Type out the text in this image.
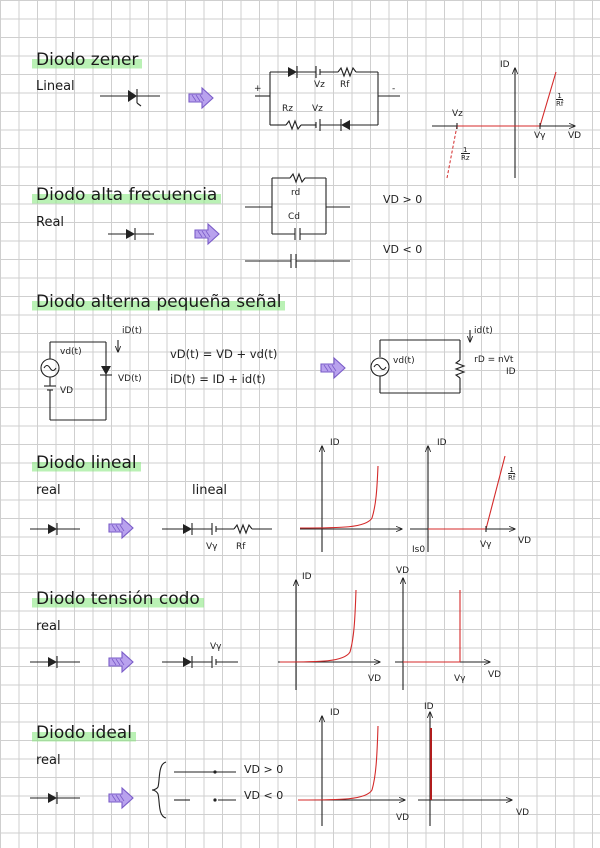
Diodo zener
Lineal	+	-
Vz Rf
Rz Vz
ID
Vz
Vγ	VD
1
Rf
1
Rz
Diodo alta frecuencia
Real
rd
Cd
VD > 0
VD < 0
Diodo alterna pequeña señal
iD(t)
vd(t)
VD(t)
VD
vD(t) = VD + vd(t)
iD(t) = ID + id(t)
id(t)
vd(t)	rD = nVt
ID
Diodo lineal
real	lineal
Vγ Rf
ID	ID
Is0	Vγ	VD
1
Rf
Diodo tensión codo
real
Vγ
ID
VD
VD
Vγ	VD
Diodo ideal
real
VD > 0
VD < 0
ID
VD
ID
VD
